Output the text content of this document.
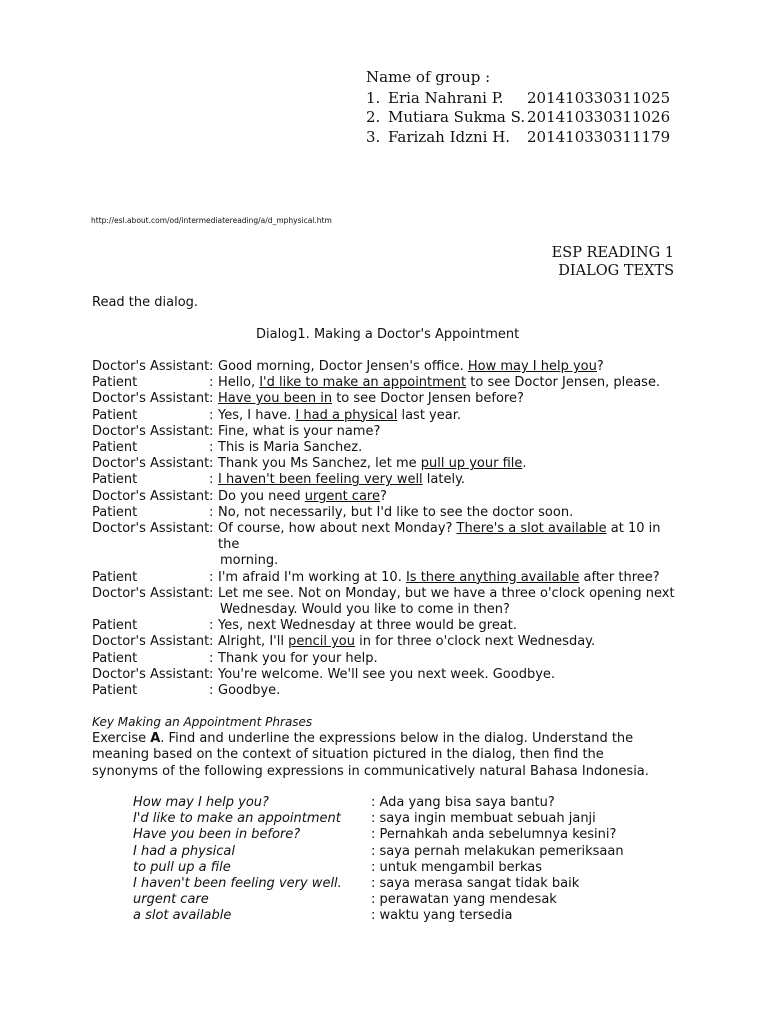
Name of group :
1. Eria Nahrani P.	201410330311025
2. Mutiara Sukma S. 201410330311026
3. Farizah Idzni H.	201410330311179
http://esl.about.com/od/intermediatereading/a/d_mphysical.htm
ESP READING 1
DIALOG TEXTS
Read the dialog.
Dialog1. Making a Doctor's Appointment
Doctor's Assistant : Good morning, Doctor Jensen's office. How may I help you?
Patient	: Hello, I'd like to make an appointment to see Doctor Jensen, please.
Doctor's Assistant : Have you been in to see Doctor Jensen before?
Patient	: Yes, I have. I had a physical last year.
Doctor's Assistant : Fine, what is your name?
Patient	: This is Maria Sanchez.
Doctor's Assistant : Thank you Ms Sanchez, let me pull up your file.
Patient	: I haven't been feeling very well lately.
Doctor's Assistant : Do you need urgent care?
Patient	: No, not necessarily, but I'd like to see the doctor soon.
Doctor's Assistant : Of course, how about next Monday? There's a slot available at 10 in the
morning.
Patient	: I'm afraid I'm working at 10. Is there anything available after three?
Doctor's Assistant : Let me see. Not on Monday, but we have a three o'clock opening next
Wednesday. Would you like to come in then?
Patient	: Yes, next Wednesday at three would be great.
Doctor's Assistant : Alright, I'll pencil you in for three o'clock next Wednesday.
Patient	: Thank you for your help.
Doctor's Assistant : You're welcome. We'll see you next week. Goodbye.
Patient	: Goodbye.
Key Making an Appointment Phrases
Exercise A. Find and underline the expressions below in the dialog. Understand the meaning based on the context of situation pictured in the dialog, then find the synonyms of the following expressions in communicatively natural Bahasa Indonesia.
How may I help you?	: Ada yang bisa saya bantu?
I'd like to make an appointment	: saya ingin membuat sebuah janji
Have you been in before?	: Pernahkah anda sebelumnya kesini?
I had a physical	: saya pernah melakukan pemeriksaan
to pull up a file	: untuk mengambil berkas
I haven't been feeling very well.	: saya merasa sangat tidak baik
urgent care	: perawatan yang mendesak
a slot available	: waktu yang tersedia
